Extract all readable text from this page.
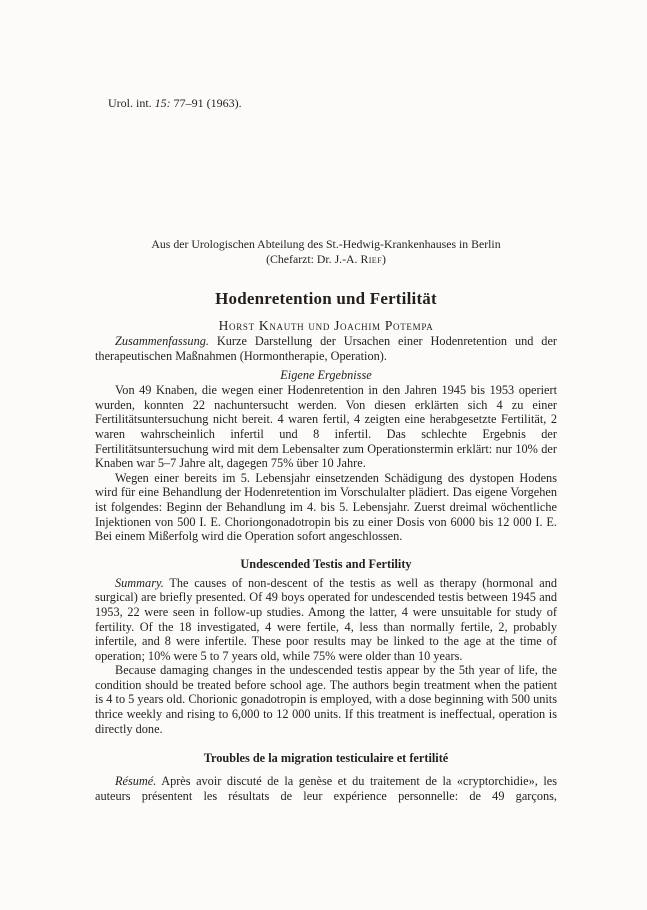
Urol. int. 15: 77–91 (1963).
Aus der Urologischen Abteilung des St.-Hedwig-Krankenhauses in Berlin
(Chefarzt: Dr. J.-A. Rief)
Hodenretention und Fertilität
Horst Knauth und Joachim Potempa

Zusammenfassung. Kurze Darstellung der Ursachen einer Hodenretention und der therapeutischen Maßnahmen (Hormontherapie, Operation).

Eigene Ergebnisse

Von 49 Knaben, die wegen einer Hodenretention in den Jahren 1945 bis 1953 operiert wurden, konnten 22 nachuntersucht werden. Von diesen erklärten sich 4 zu einer Fertilitätsuntersuchung nicht bereit. 4 waren fertil, 4 zeigten eine herabgesetzte Fertilität, 2 waren wahrscheinlich infertil und 8 infertil. Das schlechte Ergebnis der Fertilitätsuntersuchung wird mit dem Lebensalter zum Operationstermin erklärt: nur 10% der Knaben war 5–7 Jahre alt, dagegen 75% über 10 Jahre.

Wegen einer bereits im 5. Lebensjahr einsetzenden Schädigung des dystopen Hodens wird für eine Behandlung der Hodenretention im Vorschulalter plädiert. Das eigene Vorgehen ist folgendes: Beginn der Behandlung im 4. bis 5. Lebensjahr. Zuerst dreimal wöchentliche Injektionen von 500 I. E. Choriongonadotropin bis zu einer Dosis von 6000 bis 12 000 I. E. Bei einem Mißerfolg wird die Operation sofort angeschlossen.

Undescended Testis and Fertility

Summary. The causes of non-descent of the testis as well as therapy (hormonal and surgical) are briefly presented. Of 49 boys operated for undescended testis between 1945 and 1953, 22 were seen in follow-up studies. Among the latter, 4 were unsuitable for study of fertility. Of the 18 investigated, 4 were fertile, 4, less than normally fertile, 2, probably infertile, and 8 were infertile. These poor results may be linked to the age at the time of operation; 10% were 5 to 7 years old, while 75% were older than 10 years.

Because damaging changes in the undescended testis appear by the 5th year of life, the condition should be treated before school age. The authors begin treatment when the patient is 4 to 5 years old. Chorionic gonadotropin is employed, with a dose beginning with 500 units thrice weekly and rising to 6,000 to 12 000 units. If this treatment is ineffectual, operation is directly done.

Troubles de la migration testiculaire et fertilité

Résumé. Après avoir discuté de la genèse et du traitement de la «cryptorchidie», les auteurs présentent les résultats de leur expérience personnelle: de 49 garçons,
